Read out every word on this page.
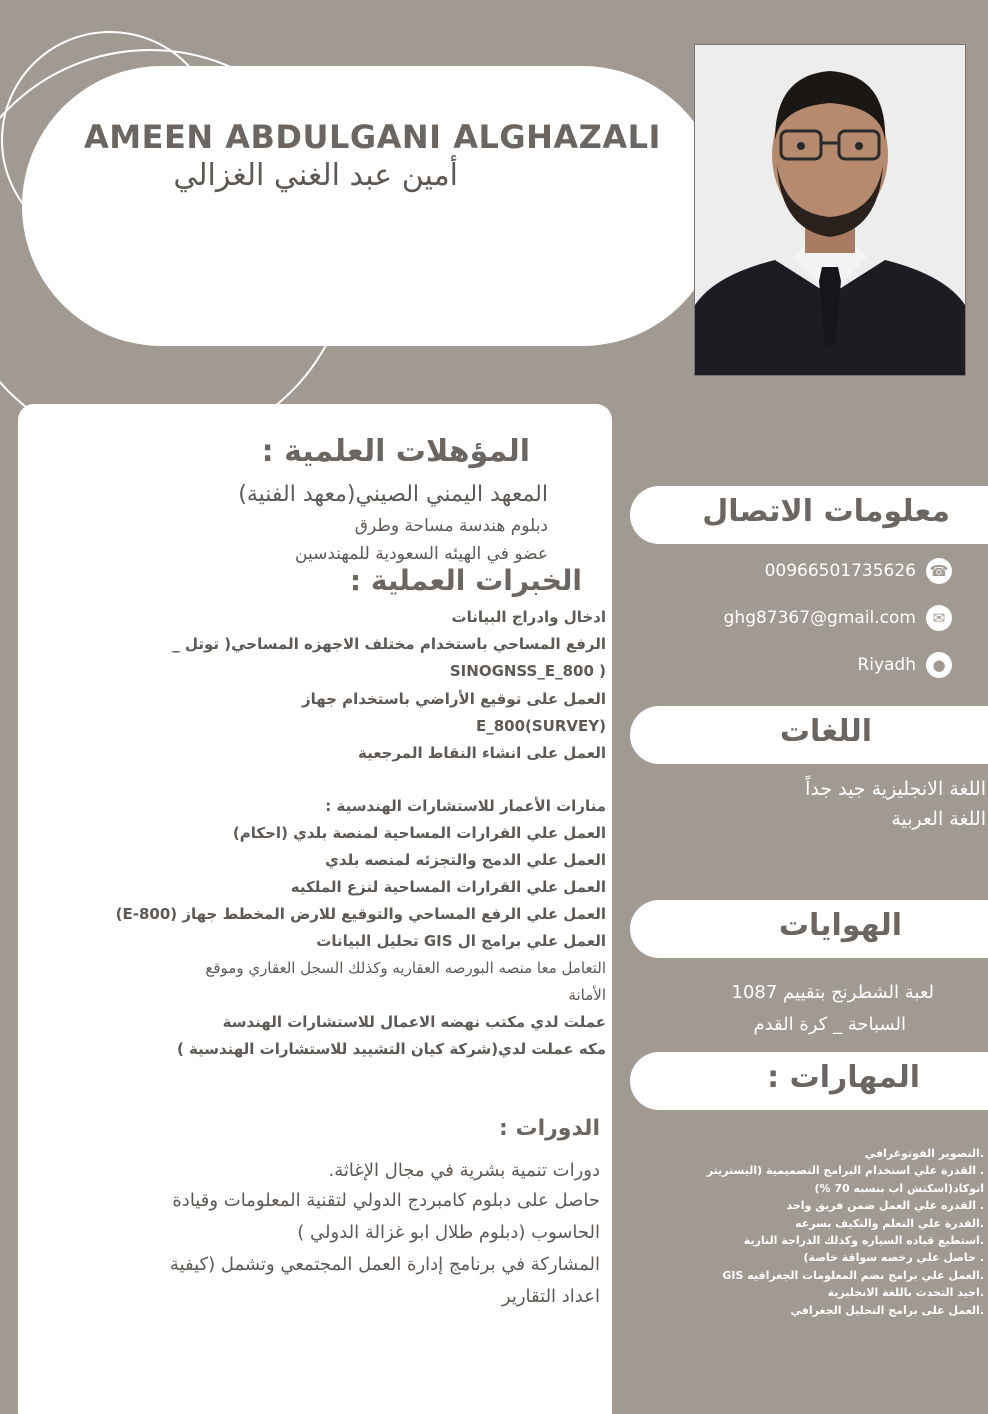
AMEEN ABDULGANI ALGHAZALI
أمين عبد الغني الغزالي
المؤهلات العلمية :
المعهد اليمني الصيني(معهد الفنية)
دبلوم هندسة مساحة وطرق
عضو في الهيئه السعودية للمهندسين
الخبرات العملية :
ادخال وادراج البيانات
الرفع المساحي باستخدام مختلف الاجهزه المساحي( توتل _
( SINOGNSS_E_800
العمل على توقيع الأراضي باستخدام جهاز
(SURVEY)E_800
العمل على انشاء النقاط المرجعية
منارات الأعمار للاستشارات الهندسية :
العمل علي القرارات المساحية لمنصة بلدي (احكام)
العمل علي الدمج والتجزئه لمنصه بلدي
العمل علي القرارات المساحية لنزع الملكيه
العمل علي الرفع المساحي والتوقيع للارض المخطط جهاز (E-800)
العمل علي برامج ال GIS تحليل البيانات
التعامل معا منصه البورصه العقاريه وكذلك السجل العقاري وموقع
الأمانة
عملت لدي مكتب نهضه الاعمال للاستشارات الهندسة
مكه عملت لدي(شركة كيان التشييد للاستشارات الهندسية )
الدورات :
دورات تنمية بشرية في مجال الإغاثة.
حاصل على دبلوم كامبردج الدولي لتقنية المعلومات وقيادة
الحاسوب (دبلوم طلال ابو غزالة الدولي )
المشاركة في برنامج إدارة العمل المجتمعي وتشمل (كيفية
اعداد التقارير
معلومات الاتصال
00966501735626 ☎
ghg87367@gmail.com	✉
Riyadh	●
اللغات
اللغة الانجليزية جيد جداً
اللغة العربية
الهوايات
لعبة الشطرنج بتقييم 1087
السباحة _ كرة القدم
المهارات :
.التصوير الفوتوغرافي
. القدرة علي استخدام البرامج التصميمية (اليستريتر
اتوكاد(اسكتش اب بنسبه 70 %)
. القدره علي العمل ضمن فريق واحد
.القدرة علي التعلم والتكيف بسرعه
.استطيع قياده السياره وكذلك الدراجة النارية
. حاصل علي رخصه سواقة خاصة)
.العمل علي برامج نضم المعلومات الجغرافيه GIS
.اجيد التحدث باللغة الانجليزية
.العمل على برامج التحليل الجغرافي
